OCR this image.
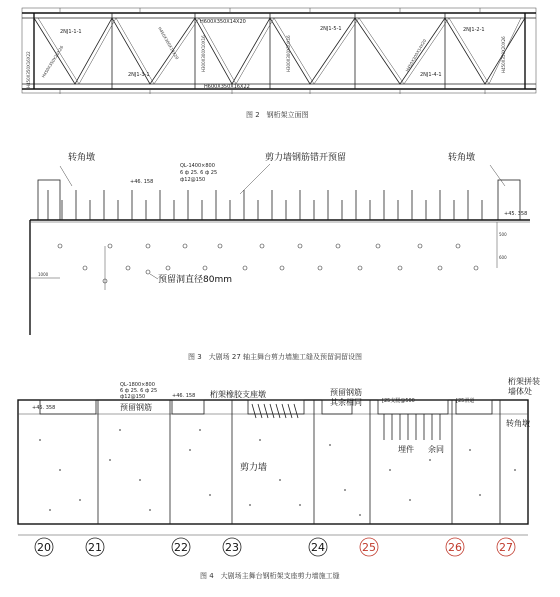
H600X350X14X20
H600X350X16X22
2NJ1-1-1
2NJ1-3-1
2NJ1-5-1	2NJ1-2-1
2NJ1-4-1
H450X350X16X22 H450X350X20X26
H450X300X14X20	H300X300X10X16	H300X300X10X16	H450X300X14X20	H450X350X20X26
图 2　钢桁架立面图
转角墩	转角墩
剪力墙钢筋错开预留
QL-1400×800
6 ф 25. 6 ф 25
ф12@150
+46. 158
+45. 358
预留洞直径80mm
1000
500
600
图 3　大剧场 27 轴主舞台剪力墙施工缝及预留洞留设图
QL-1800×800
6 ф 25. 6 ф 25
ф12@150
预留钢筋
+45. 358
+46. 158 桁架橡胶支座墩	预留钢筋
其余相同	[25支腿@500	[25滑道
桁架拼装
墙体处
转角墩
埋件 余同
剪力墙
20	21	22	23	24	25	26	27
图 4　大剧场主舞台钢桁架支座剪力墙施工缝
